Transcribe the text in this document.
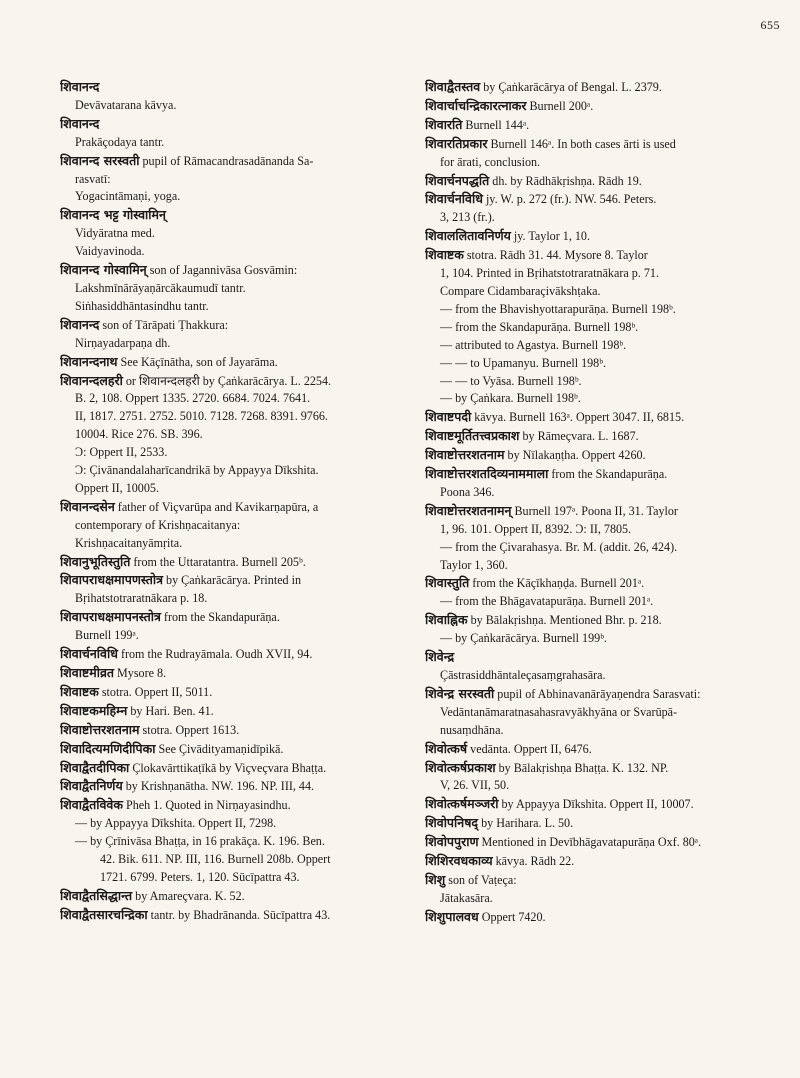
655
शिवानन्द
Devāvatarana kāvya.
शिवानन्द
Prakāçodaya tantr.
शिवानन्द सरस्वती pupil of Rāmacandrasadānanda Sa-
rasvatī:
Yogacintāmaṇi, yoga.
शिवानन्द भट्ट गोस्वामिन्
Vidyāratna med.
Vaidyavinoda.
शिवानन्द गोस्वामिन् son of Jagannivāsa Gosvāmin:
Lakshmīnārāyaṇārcākaumudī tantr.
Siṅhasiddhāntasindhu tantr.
शिवानन्द son of Tārāpati Ṭhakkura:
Nirṇayadarpaṇa dh.
शिवानन्दनाथ See Kāçīnātha, son of Jayarāma.
शिवानन्दलहरी or शिवानन्दलहरी by Çaṅkarācārya. L. 2254.
B. 2, 108. Oppert 1335. 2720. 6684. 7024. 7641.
II, 1817. 2751. 2752. 5010. 7128. 7268. 8391. 9766.
10004. Rice 276. SB. 396.
Ɔ: Oppert II, 2533.
Ɔ: Çivānandalaharīcandrikā by Appayya Dīkshita.
Oppert II, 10005.
शिवानन्दसेन father of Viçvarūpa and Kavikarṇapūra, a
contemporary of Krishṇacaitanya:
Krishṇacaitanyāmṛita.
शिवानुभूतिस्तुति from the Uttaratantra. Burnell 205ᵇ.
शिवापराधक्षमापणस्तोत्र by Çaṅkarācārya. Printed in
Bṛihatstotraratnākara p. 18.
शिवापराधक्षमापनस्तोत्र from the Skandapurāṇa.
Burnell 199ᵃ.
शिवार्चनविधि from the Rudrayāmala. Oudh XVII, 94.
शिवाष्टमीव्रत Mysore 8.
शिवाष्टक stotra. Oppert II, 5011.
शिवाष्टकमहिम्न by Hari. Ben. 41.
शिवाष्टोत्तरशतनाम stotra. Oppert 1613.
शिवादित्यमणिदीपिका See Çivādityamaṇidīpikā.
शिवाद्वैतदीपिका Çlokavārttikaṭīkā by Viçveçvara Bhaṭṭa.
शिवाद्वैतनिर्णय by Krishṇanātha. NW. 196. NP. III, 44.
शिवाद्वैतविवेक Pheh 1. Quoted in Nirṇayasindhu.
— by Appayya Dīkshita. Oppert II, 7298.
— by Çrīnivāsa Bhaṭṭa, in 16 prakāça. K. 196. Ben.
42. Bik. 611. NP. III, 116. Burnell 208b. Oppert
1721. 6799. Peters. 1, 120. Sūcīpattra 43.
शिवाद्वैतसिद्धान्त by Amareçvara. K. 52.
शिवाद्वैतसारचन्द्रिका tantr. by Bhadrānanda. Sūcīpattra 43.
शिवाद्वैतस्तव by Çaṅkarācārya of Bengal. L. 2379.
शिवार्चाचन्द्रिकारत्नाकर Burnell 200ᵃ.
शिवारति Burnell 144ᵃ.
शिवारतिप्रकार Burnell 146ᵃ. In both cases ārti is used
for ārati, conclusion.
शिवार्चनपद्धति dh. by Rādhākṛishṇa. Rādh 19.
शिवार्चनविधि jy. W. p. 272 (fr.). NW. 546. Peters.
3, 213 (fr.).
शिवाललितावनिर्णय jy. Taylor 1, 10.
शिवाष्टक stotra. Rādh 31. 44. Mysore 8. Taylor
1, 104. Printed in Bṛihatstotraratnākara p. 71.
Compare Cidambaraçivākshṭaka.
— from the Bhavishyottarapurāṇa. Burnell 198ᵇ.
— from the Skandapurāṇa. Burnell 198ᵇ.
— attributed to Agastya. Burnell 198ᵇ.
— — to Upamanyu. Burnell 198ᵇ.
— — to Vyāsa. Burnell 198ᵇ.
— by Çaṅkara. Burnell 198ᵇ.
शिवाष्टपदी kāvya. Burnell 163ᵃ. Oppert 3047. II, 6815.
शिवाष्टमूर्तितत्त्वप्रकाश by Rāmeçvara. L. 1687.
शिवाष्टोत्तरशतनाम by Nīlakaṇṭha. Oppert 4260.
शिवाष्टोत्तरशतदिव्यनाममाला from the Skandapurāṇa.
Poona 346.
शिवाष्टोत्तरशतनामन् Burnell 197ᵃ. Poona II, 31. Taylor
1, 96. 101. Oppert II, 8392. Ɔ: II, 7805.
— from the Çivarahasya. Br. M. (addit. 26, 424).
Taylor 1, 360.
शिवास्तुति from the Kāçīkhaṇḍa. Burnell 201ᵃ.
— from the Bhāgavatapurāṇa. Burnell 201ᵃ.
शिवाह्निक by Bālakṛishṇa. Mentioned Bhr. p. 218.
— by Çaṅkarācārya. Burnell 199ᵇ.
शिवेन्द्र
Çāstrasiddhāntaleçasaṃgrahasāra.
शिवेन्द्र सरस्वती pupil of Abhinavanārāyaṇendra Sarasvati:
Vedāntanāmaratnasahasravyākhyāna or Svarūpā-
nusaṃdhāna.
शिवोत्कर्ष vedānta. Oppert II, 6476.
शिवोत्कर्षप्रकाश by Bālakṛishṇa Bhaṭṭa. K. 132. NP.
V, 26. VII, 50.
शिवोत्कर्षमञ्जरी by Appayya Dīkshita. Oppert II, 10007.
शिवोपनिषद् by Harihara. L. 50.
शिवोपपुराण Mentioned in Devībhāgavatapurāṇa Oxf. 80ᵃ.
शिशिरवधकाव्य kāvya. Rādh 22.
शिशु son of Vaṭeça:
Jātakasāra.
शिशुपालवध Oppert 7420.
